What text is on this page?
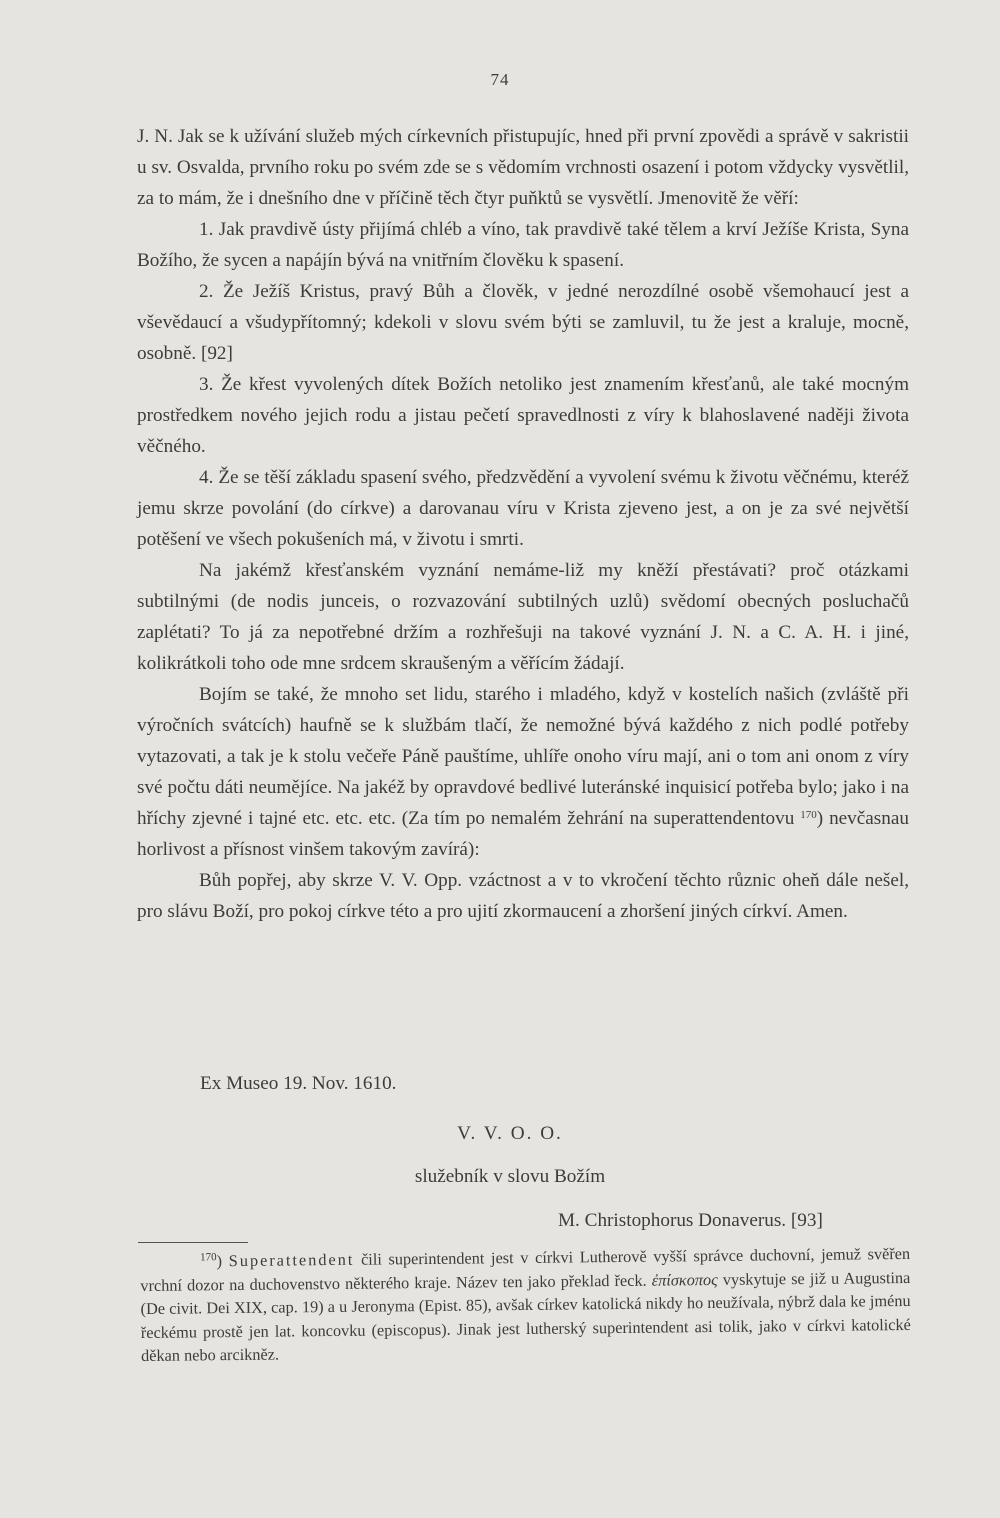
74

J. N. Jak se k užívání služeb mých církevních přistupujíc, hned při první zpovědi a správě v sakristii u sv. Osvalda, prvního roku po svém zde se s vědomím vrchnosti osazení i potom vždycky vysvětlil, za to mám, že i dnešního dne v příčině těch čtyr puňktů se vysvětlí. Jmenovitě že věří:

1. Jak pravdivě ústy přijímá chléb a víno, tak pravdivě také tělem a krví Ježíše Krista, Syna Božího, že sycen a napájín bývá na vnitřním člověku k spasení.

2. Že Ježíš Kristus, pravý Bůh a člověk, v jedné nerozdílné osobě všemohaucí jest a vševědaucí a všudypřítomný; kdekoli v slovu svém býti se zamluvil, tu že jest a kraluje, mocně, osobně. [92]

3. Že křest vyvolených dítek Božích netoliko jest znamením křesťanů, ale také mocným prostředkem nového jejich rodu a jistau pečetí spravedlnosti z víry k blahoslavené naději života věčného.

4. Že se těší základu spasení svého, předzvědění a vyvolení svému k životu věčnému, kteréž jemu skrze povolání (do církve) a darovanau víru v Krista zjeveno jest, a on je za své největší potěšení ve všech pokušeních má, v životu i smrti.

Na jakémž křesťanském vyznání nemáme-liž my kněží přestávati? proč otázkami subtilnými (de nodis junceis, o rozvazování subtilných uzlů) svědomí obecných posluchačů zaplétati? To já za nepotřebné držím a rozhřešuji na takové vyznání J. N. a C. A. H. i jiné, kolikrátkoli toho ode mne srdcem skraušeným a věřícím žádají.

Bojím se také, že mnoho set lidu, starého i mladého, když v kostelích našich (zvláště při výročních svátcích) haufně se k službám tlačí, že nemožné bývá každého z nich podlé potřeby vytazovati, a tak je k stolu večeře Páně pauštíme, uhlíře onoho víru mají, ani o tom ani onom z víry své počtu dáti neumějíce. Na jakéž by opravdové bedlivé luteránské inquisicí potřeba bylo; jako i na hříchy zjevné i tajné etc. etc. etc. (Za tím po nemalém žehrání na superattendentovu $^{170}$) nevčasnau horlivost a přísnost vinšem takovým zavírá):

Bůh popřej, aby skrze V. V. Opp. vzáctnost a v to vkročení těchto různic oheň dále nešel, pro slávu Boží, pro pokoj církve této a pro ujití zkormaucení a zhoršení jiných církví. Amen.

Ex Museo 19. Nov. 1610.
V. V. O. O.
služebník v slovu Božím
M. Christophorus Donaverus. [93]

$^{170}$) Superattendent čili superintendent jest v církvi Lutherově vyšší správce duchovní, jemuž svěřen vrchní dozor na duchovenstvo některého kraje. Název ten jako překlad řeck. ἐπίσκοπος vyskytuje se již u Augustina (De civit. Dei XIX, cap. 19) a u Jeronyma (Epist. 85), avšak církev katolická nikdy ho neužívala, nýbrž dala ke jménu řeckému prostě jen lat. koncovku (episcopus). Jinak jest lutherský superintendent asi tolik, jako v církvi katolické děkan nebo arcikněz.
